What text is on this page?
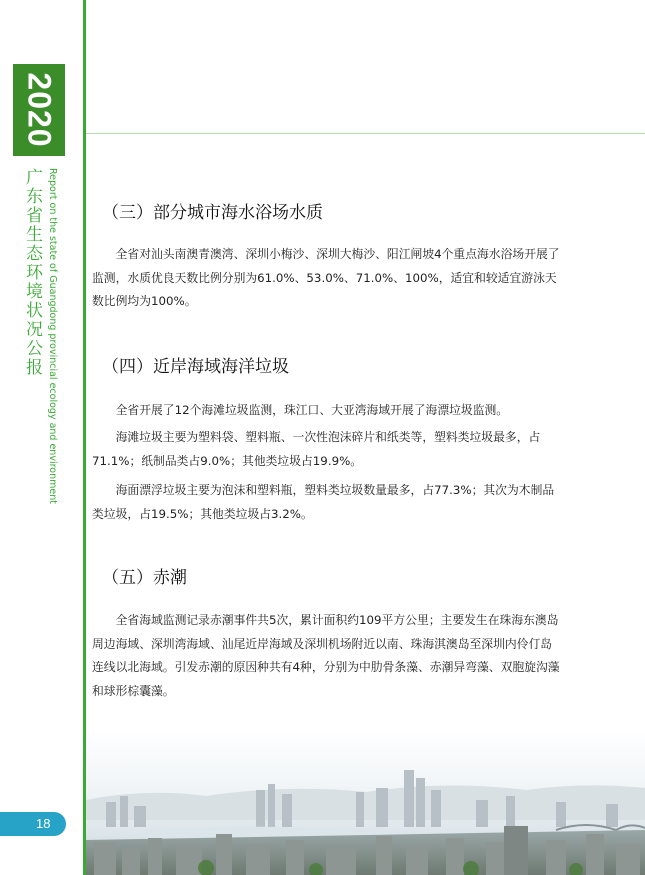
2020
广东省生态环境状况公报 Report on the state of Guangdong provincial ecology and environment	（三）部分城市海水浴场水质

全省对汕头南澳青澳湾、深圳小梅沙、深圳大梅沙、阳江闸坡4个重点海水浴场开展了监测，水质优良天数比例分别为61.0%、53.0%、71.0%、100%，适宜和较适宜游泳天数比例均为100%。

（四）近岸海域海洋垃圾

全省开展了12个海滩垃圾监测，珠江口、大亚湾海域开展了海漂垃圾监测。

海滩垃圾主要为塑料袋、塑料瓶、一次性泡沫碎片和纸类等，塑料类垃圾最多，占71.1%；纸制品类占9.0%；其他类垃圾占19.9%。

海面漂浮垃圾主要为泡沫和塑料瓶，塑料类垃圾数量最多，占77.3%；其次为木制品类垃圾，占19.5%；其他类垃圾占3.2%。

（五）赤潮

全省海域监测记录赤潮事件共5次，累计面积约109平方公里；主要发生在珠海东澳岛周边海域、深圳湾海域、汕尾近岸海域及深圳机场附近以南、珠海淇澳岛至深圳内伶仃岛连线以北海域。引发赤潮的原因种共有4种，分别为中肋骨条藻、赤潮异弯藻、双胞旋沟藻和球形棕囊藻。

18
